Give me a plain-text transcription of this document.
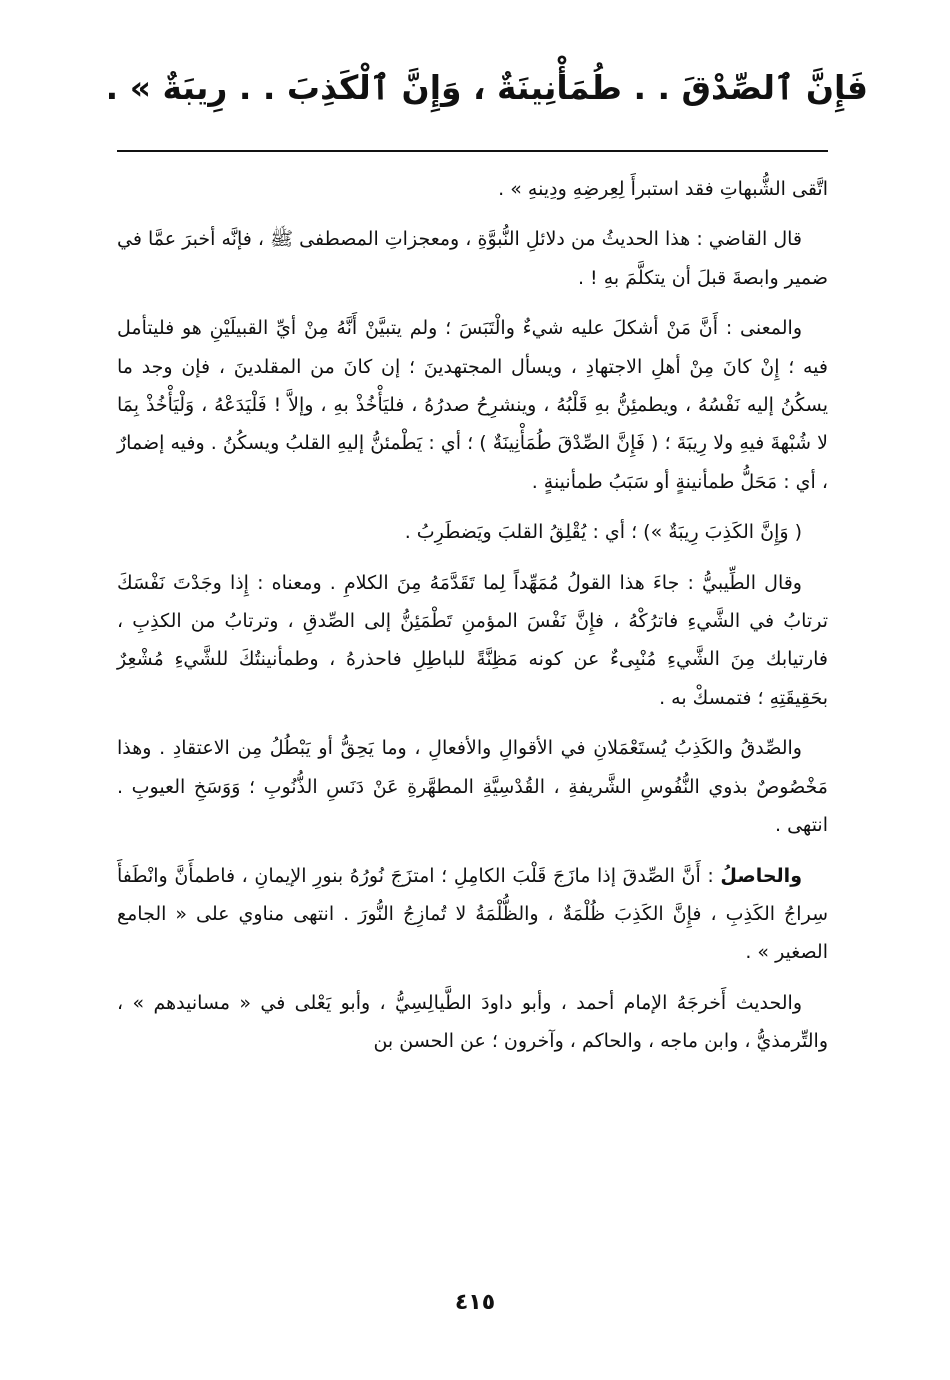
فَإِنَّ ٱلصِّدْقَ . . طُمَأْنِينَةٌ ، وَإِنَّ ٱلْكَذِبَ . . رِيبَةٌ » .

اتَّقى الشُّبهاتِ فقد استبرأَ لِعِرضِهِ ودِينهِ » .

قال القاضي : هذا الحديثُ من دلائلِ النُّبوَّةِ ، ومعجزاتِ المصطفى ﷺ ، فإنَّه أخبرَ عمَّا في ضمير وابصةَ قبلَ أن يتكلَّمَ بهِ ! .

والمعنى : أَنَّ مَنْ أشكلَ عليه شيءٌ والْتَبَسَ ؛ ولم يتبيَّنْ أَنَّهُ مِنْ أيِّ القبيلَيْنِ هو فليتأمل فيه ؛ إِنْ كانَ مِنْ أهلِ الاجتهادِ ، ويسأل المجتهدينَ ؛ إن كانَ من المقلدينَ ، فإن وجد ما يسكُنُ إليه نَفْسُهُ ، ويطمئِنُّ بهِ قَلْبُهُ ، وينشرِحُ صدرُهُ ، فليَأْخُذْ بهِ ، وإلاَّ ! فَلْيَدَعْهُ ، وَلْيَأْخُذْ بِمَا لا شُبْهةَ فيهِ ولا رِيبَةَ ؛ ( فَإِنَّ الصِّدْقَ طُمَأْنِينَةٌ ) ؛ أي : يَطْمئنُّ إليهِ القلبُ ويسكُنُ . وفيه إضمارٌ ، أي : مَحَلُّ طمأنينةٍ أو سَبَبُ طمأنينةٍ .

( وَإِنَّ الكَذِبَ رِيبَةٌ ») ؛ أي : يُقْلِقُ القلبَ ويَضطَرِبُ .

وقال الطِّيبيُّ : جاءَ هذا القولُ مُمَهِّداً لِما تَقَدَّمَهُ مِنَ الكلامِ . ومعناه : إِذا وجَدْتَ نَفْسَكَ ترتابُ في الشَّيءِ فاترُكْهُ ، فإِنَّ نَفْسَ المؤمنِ تَطْمَئِنُّ إلى الصِّدقِ ، وترتابُ من الكذِبِ ، فارتيابك مِنَ الشَّيءِ مُنْبِىءٌ عن كونه مَظِنَّةً للباطِلِ فاحذرهُ ، وطمأنينتُكَ للشَّيءِ مُشْعِرٌ بحَقِيقَتِهِ ؛ فتمسكْ به .

والصِّدقُ والكَذِبُ يُستَعْمَلانِ في الأقوالِ والأفعالِ ، وما يَحِقُّ أو يَبْطُلُ مِن الاعتقادِ . وهذا مَخْصُوصٌ بذوي النُّفُوسِ الشَّريفةِ ، القُدْسِيَّةِ المطهَّرةِ عَنْ دَنَسِ الذُّنُوبِ ؛ وَوَسَخِ العيوبِ . انتهى .

والحاصلُ : أَنَّ الصِّدقَ إذا مازَجَ قَلْبَ الكامِلِ ؛ امتزَجَ نُورُهُ بنورِ الإيمانِ ، فاطمأَنَّ وانْطَفأَ سِراجُ الكَذِبِ ، فإِنَّ الكَذِبَ ظُلْمَةٌ ، والظُّلْمَةُ لا تُمازِجُ النُّورَ . انتهى مناوي على « الجامع الصغير » .

والحديث أَخرجَهُ الإمام أحمد ، وأبو داودَ الطَّيالِسِيُّ ، وأبو يَعْلى في « مسانيدهم » ، والتِّرمذيُّ ، وابن ماجه ، والحاكم ، وآخرون ؛ عن الحسن بن

٤١٥
